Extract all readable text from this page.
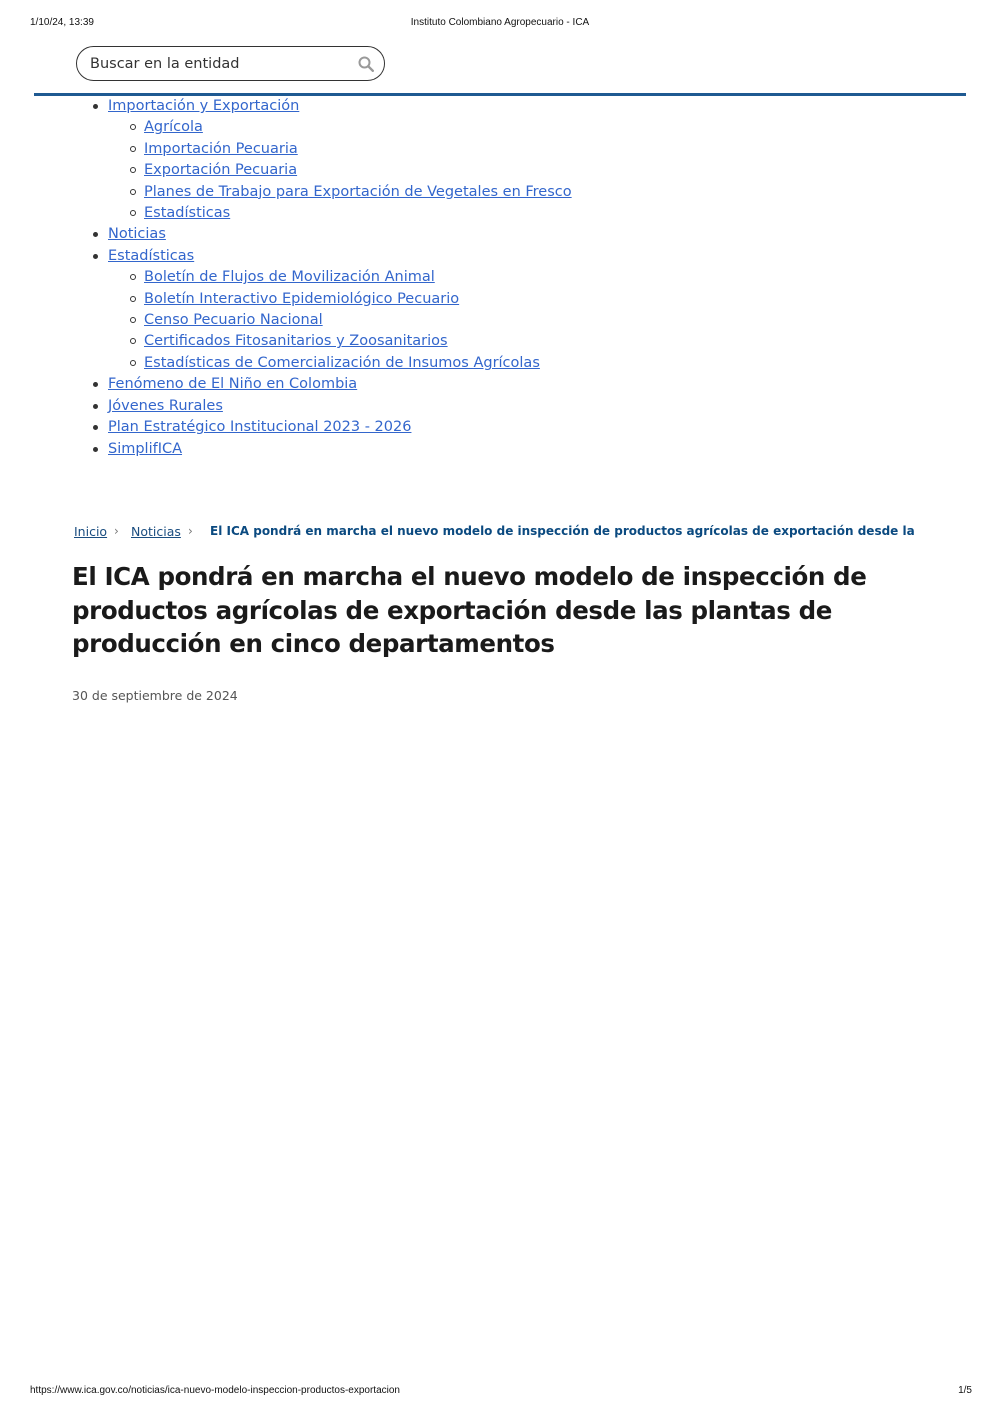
1/10/24, 13:39	Instituto Colombiano Agropecuario - ICA
Buscar en la entidad
Importación y Exportación
Agrícola
Importación Pecuaria
Exportación Pecuaria
Planes de Trabajo para Exportación de Vegetales en Fresco
Estadísticas
Noticias
Estadísticas
Boletín de Flujos de Movilización Animal
Boletín Interactivo Epidemiológico Pecuario
Censo Pecuario Nacional
Certificados Fitosanitarios y Zoosanitarios
Estadísticas de Comercialización de Insumos Agrícolas
Fenómeno de El Niño en Colombia
Jóvenes Rurales
Plan Estratégico Institucional 2023 - 2026
SimplifICA
Inicio › Noticias › El ICA pondrá en marcha el nuevo modelo de inspección de productos agrícolas de exportación desde la
El ICA pondrá en marcha el nuevo modelo de inspección de productos agrícolas de exportación desde las plantas de producción en cinco departamentos
30 de septiembre de 2024
https://www.ica.gov.co/noticias/ica-nuevo-modelo-inspeccion-productos-exportacion	1/5
